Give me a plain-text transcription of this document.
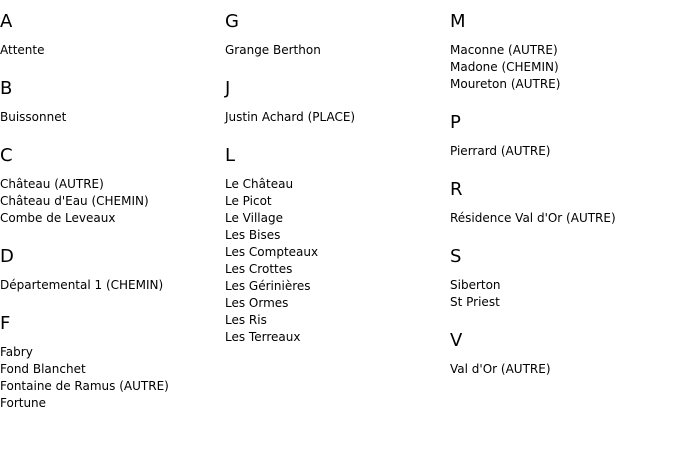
A
Attente
B
Buissonnet
C
Château (AUTRE)
Château d'Eau (CHEMIN)
Combe de Leveaux
D
Départemental 1 (CHEMIN)
F
Fabry
Fond Blanchet
Fontaine de Ramus (AUTRE)
Fortune
G
Grange Berthon
J
Justin Achard (PLACE)
L
Le Château
Le Picot
Le Village
Les Bises
Les Compteaux
Les Crottes
Les Gérinières
Les Ormes
Les Ris
Les Terreaux
M
Maconne (AUTRE)
Madone (CHEMIN)
Moureton (AUTRE)
P
Pierrard (AUTRE)
R
Résidence Val d'Or (AUTRE)
S
Siberton
St Priest
V
Val d'Or (AUTRE)
